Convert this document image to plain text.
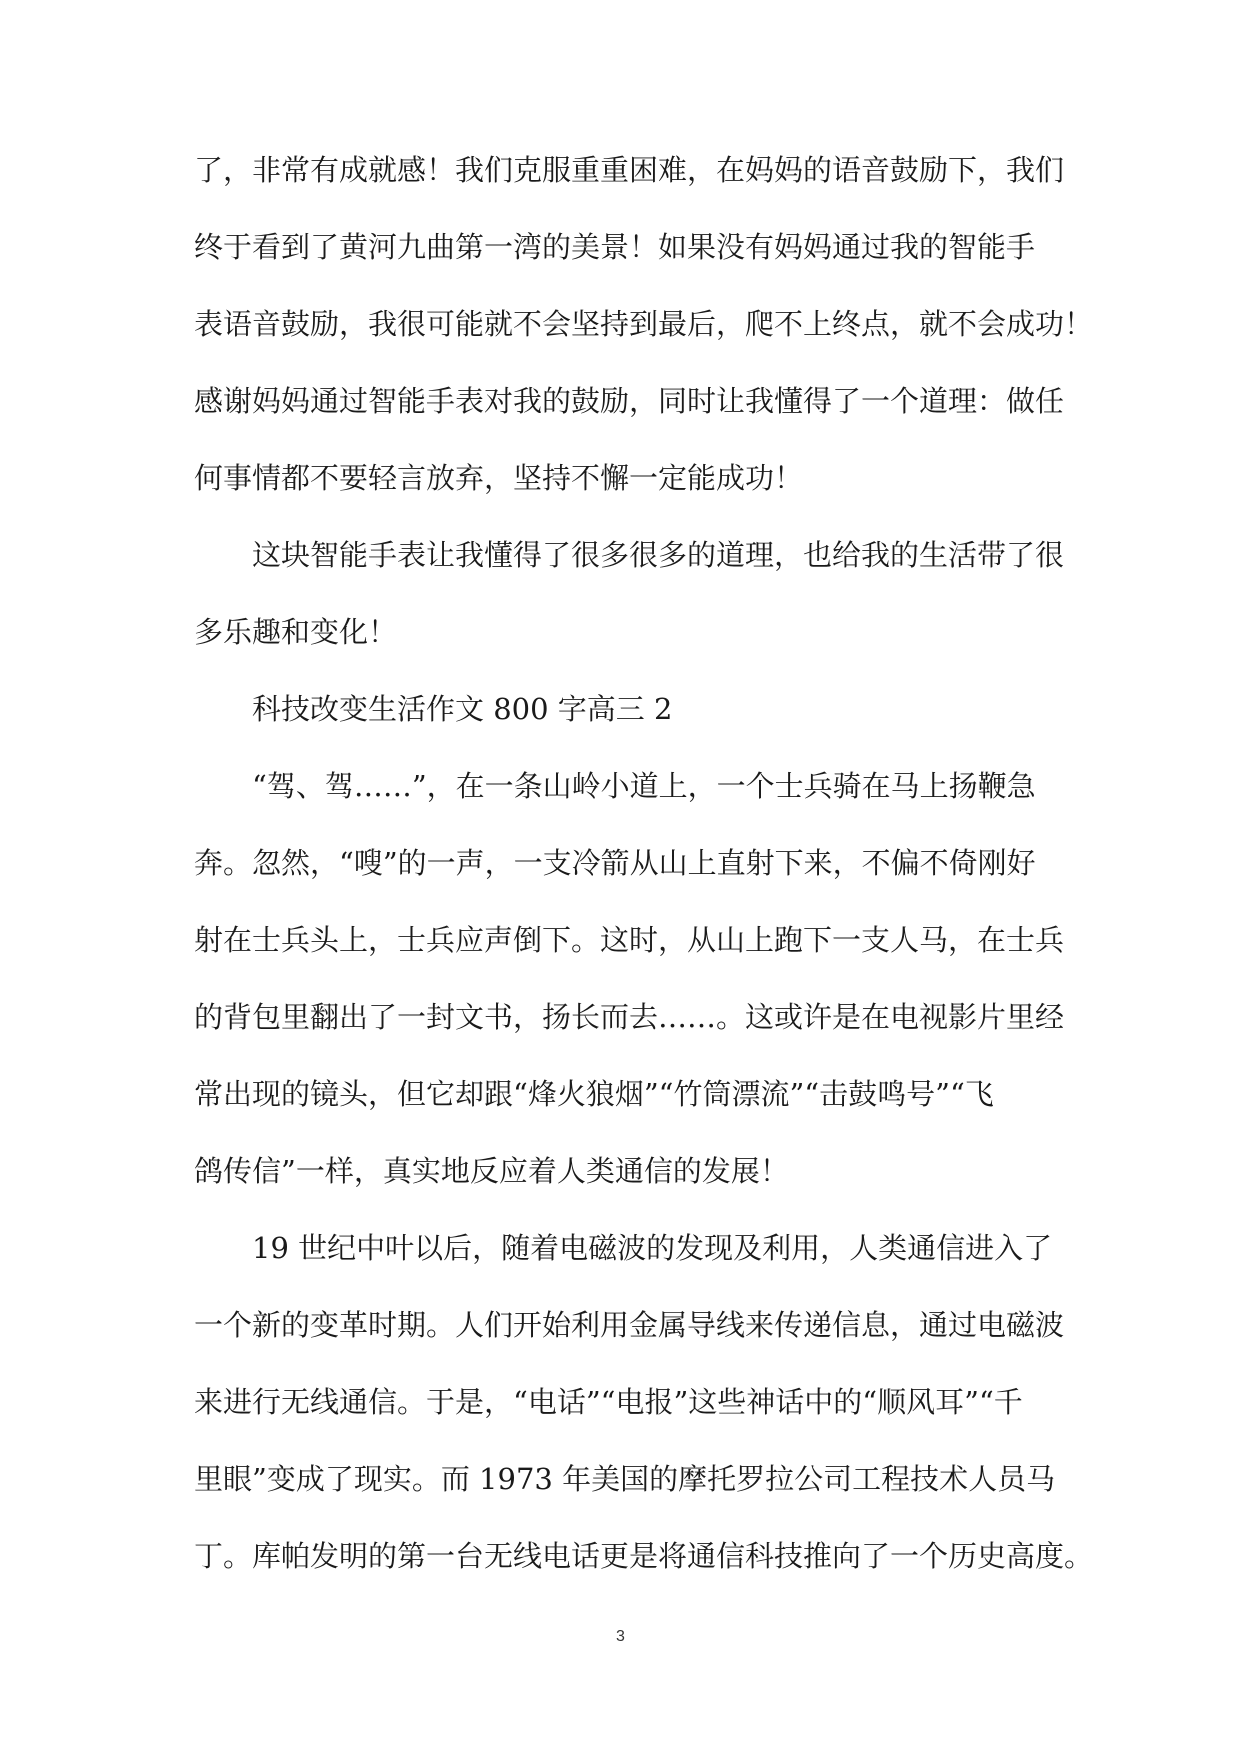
了，非常有成就感！我们克服重重困难，在妈妈的语音鼓励下，我们
终于看到了黄河九曲第一湾的美景！如果没有妈妈通过我的智能手
表语音鼓励，我很可能就不会坚持到最后，爬不上终点，就不会成功！
感谢妈妈通过智能手表对我的鼓励，同时让我懂得了一个道理：做任
何事情都不要轻言放弃，坚持不懈一定能成功！
这块智能手表让我懂得了很多很多的道理，也给我的生活带了很
多乐趣和变化！
科技改变生活作文 800 字高三 2
“驾、驾……”，在一条山岭小道上，一个士兵骑在马上扬鞭急
奔。忽然，“嗖”的一声，一支冷箭从山上直射下来，不偏不倚刚好
射在士兵头上，士兵应声倒下。这时，从山上跑下一支人马，在士兵
的背包里翻出了一封文书，扬长而去……。这或许是在电视影片里经
常出现的镜头，但它却跟“烽火狼烟”“竹筒漂流”“击鼓鸣号”“飞
鸽传信”一样，真实地反应着人类通信的发展！
19 世纪中叶以后，随着电磁波的发现及利用，人类通信进入了
一个新的变革时期。人们开始利用金属导线来传递信息，通过电磁波
来进行无线通信。于是，“电话”“电报”这些神话中的“顺风耳”“千
里眼”变成了现实。而 1973 年美国的摩托罗拉公司工程技术人员马
丁。库帕发明的第一台无线电话更是将通信科技推向了一个历史高度。
3
